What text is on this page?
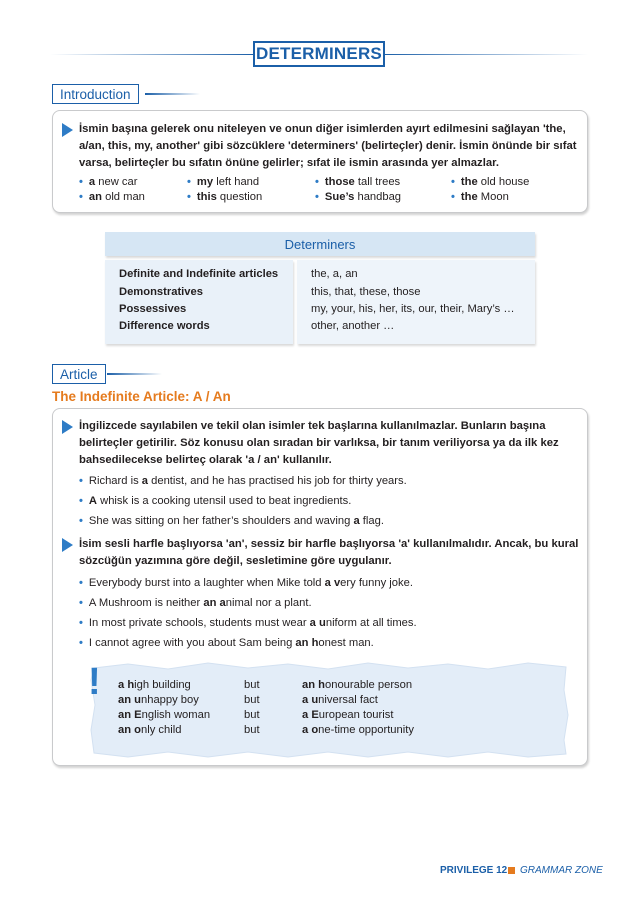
DETERMINERS
Introduction
İsmin başına gelerek onu niteleyen ve onun diğer isimlerden ayırt edilmesini sağlayan 'the, a/an, this, my, another' gibi sözcüklere 'determiners' (belirteçler) denir. İsmin önünde bir sıfat varsa, belirteçler bu sıfatın önüne gelirler; sıfat ile ismin arasında yer almazlar.
• a new car
• an old man
• my left hand
• this question
• those tall trees
• Sue’s handbag
• the old house
• the Moon
Determiners
Definite and Indefinite articles
Demonstratives
Possessives
Difference words
the, a, an
this, that, these, those
my, your, his, her, its, our, their, Mary’s …
other, another …
Article
The Indefinite Article: A / An
İngilizcede sayılabilen ve tekil olan isimler tek başlarına kullanılmazlar. Bunların başına belirteçler getirilir. Söz konusu olan sıradan bir varlıksa, bir tanım veriliyorsa ya da ilk kez bahsedilecekse belirteç olarak 'a / an' kullanılır.
• Richard is a dentist, and he has practised his job for thirty years.
• A whisk is a cooking utensil used to beat ingredients.
• She was sitting on her father’s shoulders and waving a flag.
İsim sesli harfle başlıyorsa 'an', sessiz bir harfle başlıyorsa 'a' kullanılmalıdır. Ancak, bu kural sözcüğün yazımına göre değil, sesletimine göre uygulanır.
• Everybody burst into a laughter when Mike told a very funny joke.
• A Mushroom is neither an animal nor a plant.
• In most private schools, students must wear a uniform at all times.
• I cannot agree with you about Sam being an honest man.
! a high building
an unhappy boy
an English woman
an only child
but
but
but
but
an honourable person
a universal fact
a European tourist
a one-time opportunity
PRIVILEGE 12 GRAMMAR ZONE
